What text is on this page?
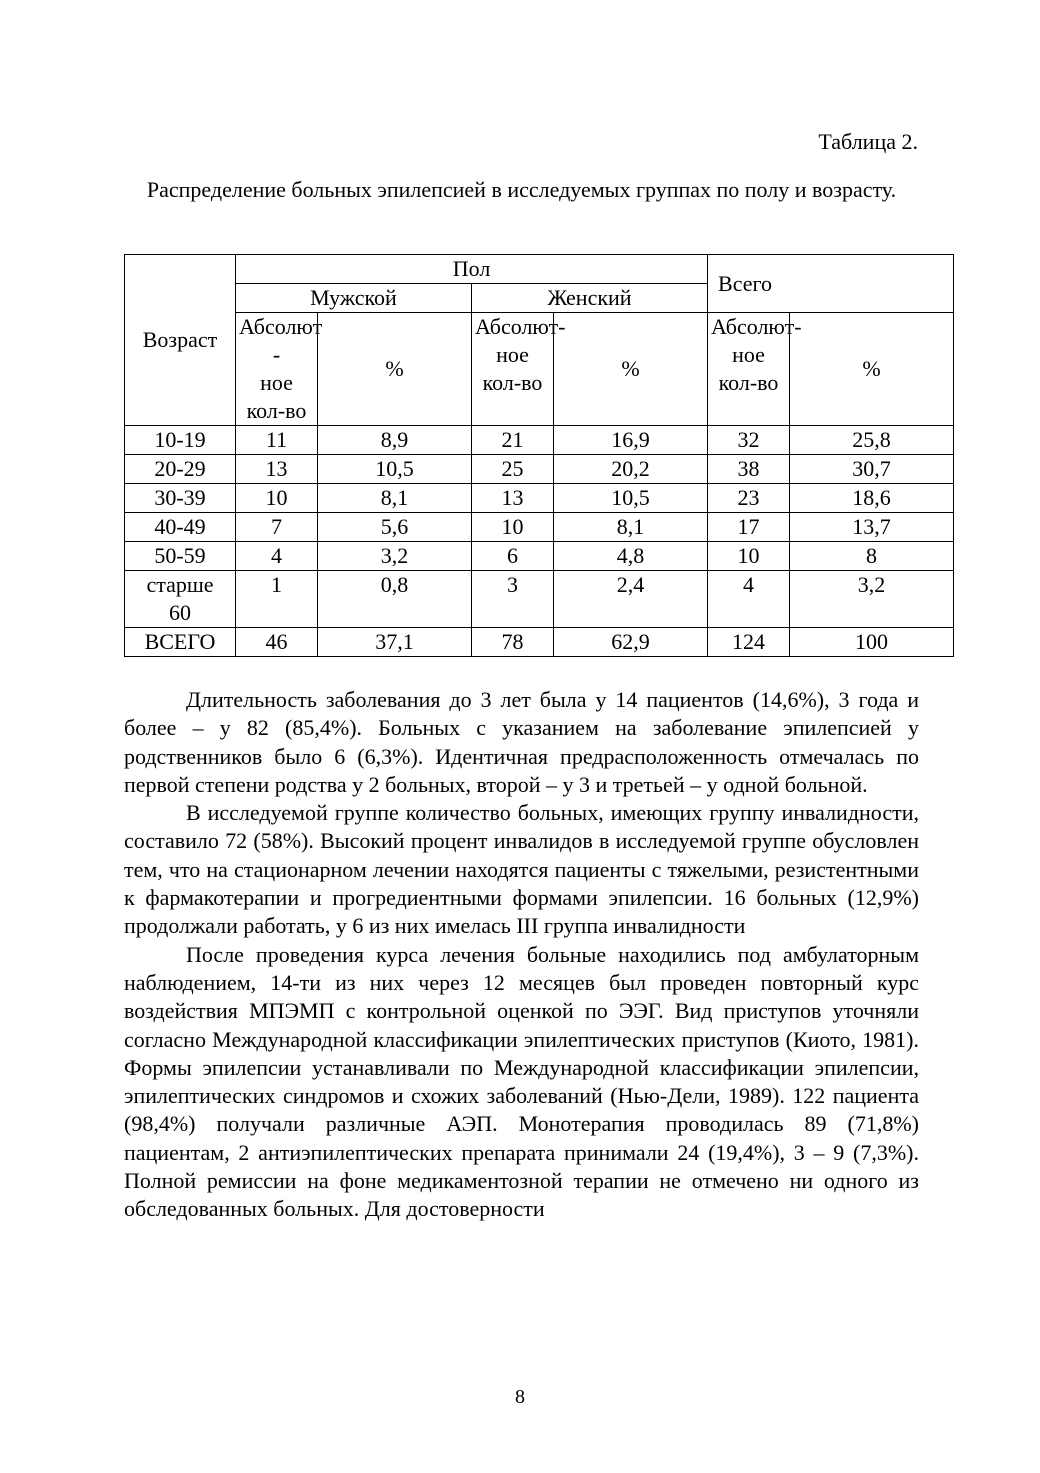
Таблица 2.
Распределение больных эпилепсией в исследуемых группах по полу и возрасту.
Возраст	Пол				Всего	
	Мужской		Женский			
	Абсолют
-
ное
кол-во	%	Абсолют-
ное
кол-во	%	Абсолют-
ное
кол-во	%
10-19	11	8,9	21	16,9	32	25,8
20-29	13	10,5	25	20,2	38	30,7
30-39	10	8,1	13	10,5	23	18,6
40-49	7	5,6	10	8,1	17	13,7
50-59	4	3,2	6	4,8	10	8
старше
60	1	0,8	3	2,4	4	3,2
ВСЕГО	46	37,1	78	62,9	124	100

Длительность заболевания до 3 лет была у 14 пациентов (14,6%), 3 года и более – у 82 (85,4%). Больных с указанием на заболевание эпилепсией у родственников было 6 (6,3%). Идентичная предрасположенность отмечалась по первой степени родства у 2 больных, второй – у 3 и третьей – у одной больной.

В исследуемой группе количество больных, имеющих группу инвалидности, составило 72 (58%). Высокий процент инвалидов в исследуемой группе обусловлен тем, что на стационарном лечении находятся пациенты с тяжелыми, резистентными к фармакотерапии и прогредиентными формами эпилепсии. 16 больных (12,9%) продолжали работать, у 6 из них имелась III группа инвалидности

После проведения курса лечения больные находились под амбулаторным наблюдением, 14-ти из них через 12 месяцев был проведен повторный курс воздействия МПЭМП с контрольной оценкой по ЭЭГ. Вид приступов уточняли согласно Международной классификации эпилептических приступов (Киото, 1981). Формы эпилепсии устанавливали по Международной классификации эпилепсии, эпилептических синдромов и схожих заболеваний (Нью-Дели, 1989). 122 пациента (98,4%) получали различные АЭП. Монотерапия проводилась 89 (71,8%) пациентам, 2 антиэпилептических препарата принимали 24 (19,4%), 3 – 9 (7,3%). Полной ремиссии на фоне медикаментозной терапии не отмечено ни одного из обследованных больных. Для достоверности

8
